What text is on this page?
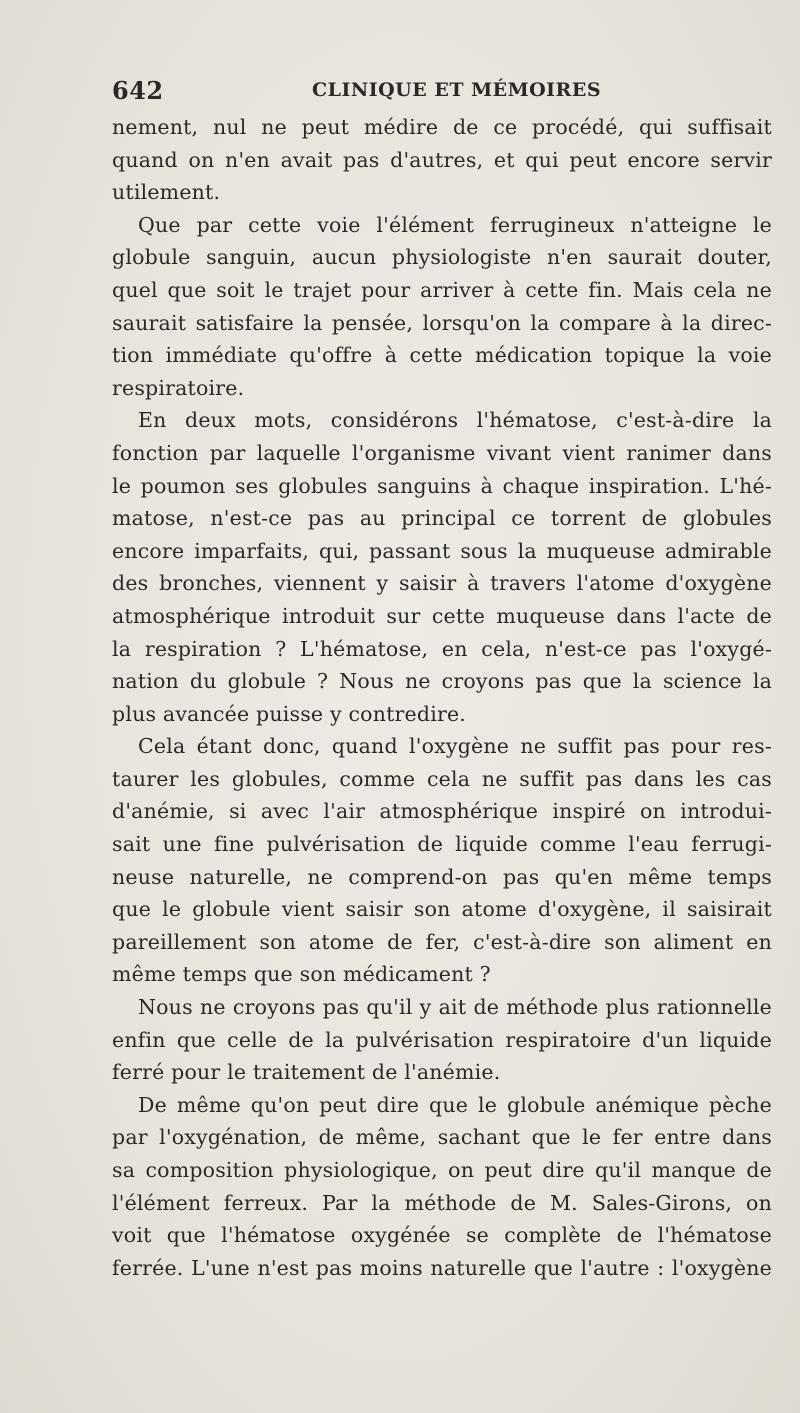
642	CLINIQUE ET MÉMOIRES
nement, nul ne peut médire de ce procédé, qui suffisait
quand on n'en avait pas d'autres, et qui peut encore servir
utilement.
Que par cette voie l'élément ferrugineux n'atteigne le
globule sanguin, aucun physiologiste n'en saurait douter,
quel que soit le trajet pour arriver à cette fin. Mais cela ne
saurait satisfaire la pensée, lorsqu'on la compare à la direc-
tion immédiate qu'offre à cette médication topique la voie
respiratoire.
En deux mots, considérons l'hématose, c'est-à-dire la
fonction par laquelle l'organisme vivant vient ranimer dans
le poumon ses globules sanguins à chaque inspiration. L'hé-
matose, n'est-ce pas au principal ce torrent de globules
encore imparfaits, qui, passant sous la muqueuse admirable
des bronches, viennent y saisir à travers l'atome d'oxygène
atmosphérique introduit sur cette muqueuse dans l'acte de
la respiration ? L'hématose, en cela, n'est-ce pas l'oxygé-
nation du globule ? Nous ne croyons pas que la science la
plus avancée puisse y contredire.
Cela étant donc, quand l'oxygène ne suffit pas pour res-
taurer les globules, comme cela ne suffit pas dans les cas
d'anémie, si avec l'air atmosphérique inspiré on introdui-
sait une fine pulvérisation de liquide comme l'eau ferrugi-
neuse naturelle, ne comprend-on pas qu'en même temps
que le globule vient saisir son atome d'oxygène, il saisirait
pareillement son atome de fer, c'est-à-dire son aliment en
même temps que son médicament ?
Nous ne croyons pas qu'il y ait de méthode plus rationnelle
enfin que celle de la pulvérisation respiratoire d'un liquide
ferré pour le traitement de l'anémie.
De même qu'on peut dire que le globule anémique pèche
par l'oxygénation, de même, sachant que le fer entre dans
sa composition physiologique, on peut dire qu'il manque de
l'élément ferreux. Par la méthode de M. Sales-Girons, on
voit que l'hématose oxygénée se complète de l'hématose
ferrée. L'une n'est pas moins naturelle que l'autre : l'oxygène
